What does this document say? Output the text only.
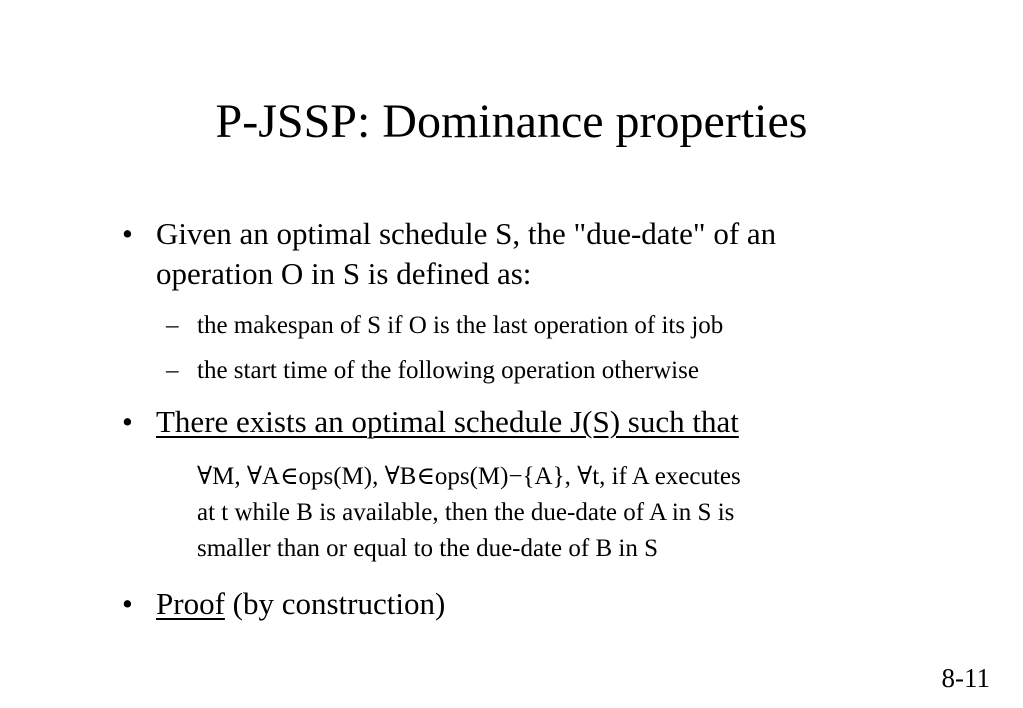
P-JSSP: Dominance properties
• Given an optimal schedule S, the "due-date" of an
operation O in S is defined as:
– the makespan of S if O is the last operation of its job
– the start time of the following operation otherwise
• There exists an optimal schedule J(S) such that
∀M, ∀A∈ops(M), ∀B∈ops(M)−{A}, ∀t, if A executes
at t while B is available, then the due-date of A in S is
smaller than or equal to the due-date of B in S
• Proof (by construction)
8-11
